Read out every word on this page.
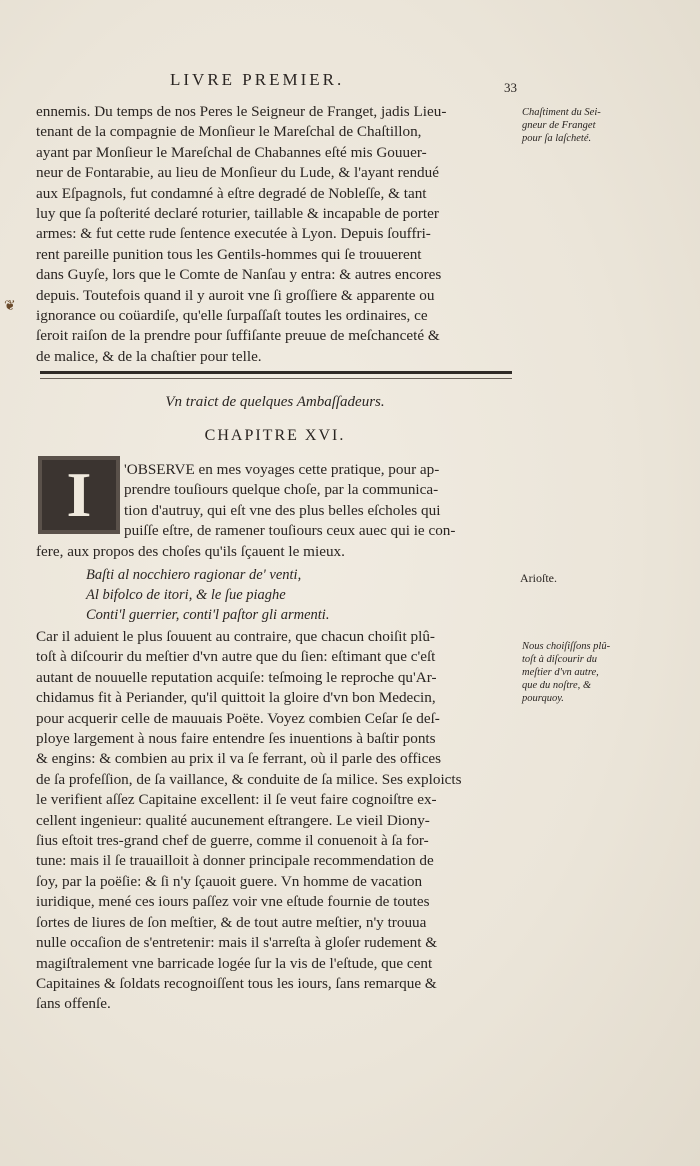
LIVRE PREMIER.	33
ennemis. Du temps de nos Peres le Seigneur de Franget, jadis Lieu-
tenant de la compagnie de Monſieur le Mareſchal de Chaſtillon,
ayant par Monſieur le Mareſchal de Chabannes eſté mis Gouuer-
neur de Fontarabie, au lieu de Monſieur du Lude, & l'ayant rendué
aux Eſpagnols, fut condamné à eſtre degradé de Nobleſſe, & tant
luy que ſa poſterité declaré roturier, taillable & incapable de porter
armes: & fut cette rude ſentence executée à Lyon. Depuis ſouffri-
rent pareille punition tous les Gentils-hommes qui ſe trouuerent
dans Guyſe, lors que le Comte de Nanſau y entra: & autres encores
depuis. Toutefois quand il y auroit vne ſi groſſiere & apparente ou
ignorance ou coüardiſe, qu'elle ſurpaſſaſt toutes les ordinaires, ce
ſeroit raiſon de la prendre pour ſuffiſante preuue de meſchanceté &
de malice, & de la chaſtier pour telle.
Chaſtiment du Sei-
gneur de Franget
pour ſa laſcheté.
❦
Vn traict de quelques Ambaſſadeurs.
CHAPITRE XVI.
I	'OBSERVE en mes voyages cette pratique, pour ap-
prendre touſiours quelque choſe, par la communica-
tion d'autruy, qui eſt vne des plus belles eſcholes qui
puiſſe eſtre, de ramener touſiours ceux auec qui ie con-
fere, aux propos des choſes qu'ils ſçauent le mieux.
Baſti al nocchiero ragionar de' venti,
Al bifolco de itori, & le ſue piaghe
Conti'l guerrier, conti'l paſtor gli armenti.
Arioſte.
Car il aduient le plus ſouuent au contraire, que chacun choiſit plû-
toſt à diſcourir du meſtier d'vn autre que du ſien: eſtimant que c'eſt
autant de nouuelle reputation acquiſe: teſmoing le reproche qu'Ar-
chidamus fit à Periander, qu'il quittoit la gloire d'vn bon Medecin,
pour acquerir celle de mauuais Poëte. Voyez combien Ceſar ſe deſ-
ploye largement à nous faire entendre ſes inuentions à baſtir ponts
& engins: & combien au prix il va ſe ferrant, où il parle des offices
de ſa profeſſion, de ſa vaillance, & conduite de ſa milice. Ses exploicts
le verifient aſſez Capitaine excellent: il ſe veut faire cognoiſtre ex-
cellent ingenieur: qualité aucunement eſtrangere. Le vieil Diony-
ſius eſtoit tres-grand chef de guerre, comme il conuenoit à ſa for-
tune: mais il ſe trauailloit à donner principale recommendation de
ſoy, par la poëſie: & ſi n'y ſçauoit guere. Vn homme de vacation
iuridique, mené ces iours paſſez voir vne eſtude fournie de toutes
ſortes de liures de ſon meſtier, & de tout autre meſtier, n'y trouua
nulle occaſion de s'entretenir: mais il s'arreſta à gloſer rudement &
magiſtralement vne barricade logée ſur la vis de l'eſtude, que cent
Capitaines & ſoldats recognoiſſent tous les iours, ſans remarque &
ſans offenſe.
Nous choiſiſſons plû-
toſt à diſcourir du
meſtier d'vn autre,
que du noſtre, &
pourquoy.
